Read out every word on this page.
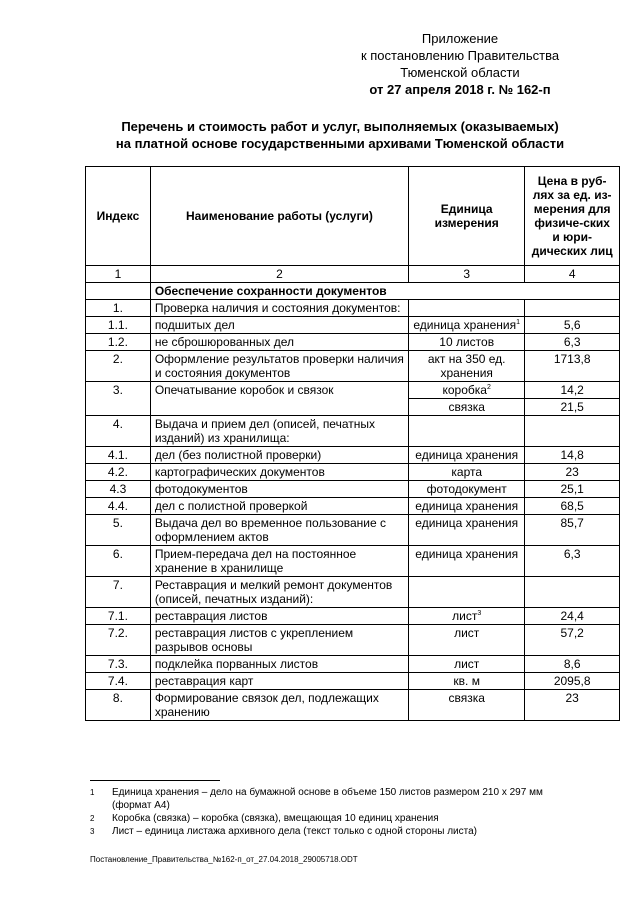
Приложение
к постановлению Правительства
Тюменской области
от 27 апреля 2018 г. № 162-п
Перечень и стоимость работ и услуг, выполняемых (оказываемых)
на платной основе государственными архивами Тюменской области
Индекс	Наименование работы (услуги)	Единица измерения	Цена в руб-лях за ед. из-мерения для физиче-ских и юри-дических лиц
1	2	3	4
	Обеспечение сохранности документов		
1.	Проверка наличия и состояния документов:		
1.1.	подшитых дел	единица хранения$^1$	5,6
1.2.	не сброшюрованных дел	10 листов	6,3
2.	Оформление результатов проверки наличия и состояния документов	акт на 350 ед. хранения	1713,8
3.	Опечатывание коробок и связок	коробка$^2$	14,2
		связка	21,5
4.	Выдача и прием дел (описей, печатных изданий) из хранилища:		
4.1.	дел (без полистной проверки)	единица хранения	14,8
4.2.	картографических документов	карта	23
4.3	фотодокументов	фотодокумент	25,1
4.4.	дел с полистной проверкой	единица хранения	68,5
5.	Выдача дел во временное пользование с оформлением актов	единица хранения	85,7
6.	Прием-передача дел на постоянное хранение в хранилище	единица хранения	6,3
7.	Реставрация и мелкий ремонт документов (описей, печатных изданий):		
7.1.	реставрация листов	лист$^3$	24,4
7.2.	реставрация листов с укреплением разрывов основы	лист	57,2
7.3.	подклейка порванных листов	лист	8,6
7.4.	реставрация карт	кв. м	2095,8
8.	Формирование связок дел, подлежащих хранению	связка	23
1	Единица хранения – дело на бумажной основе в объеме 150 листов размером 210 х 297 мм
(формат А4)
2	Коробка (связка) – коробка (связка), вмещающая 10 единиц хранения
3	Лист – единица листажа архивного дела (текст только с одной стороны листа)
Постановление_Правительства_№162-п_от_27.04.2018_29005718.ODT
